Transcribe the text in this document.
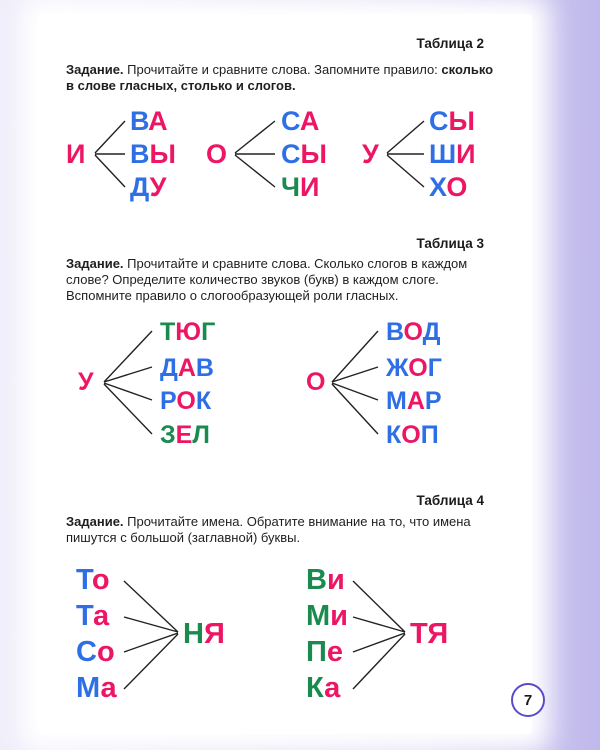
Таблица 2
Задание. Прочитайте и сравните слова. Запомните правило: сколько в слове гласных, столько и слогов.
И
ВА
ВЫ
ДУ
О
СА
СЫ
ЧИ
У
СЫ
ШИ
ХО
Таблица 3
Задание. Прочитайте и сравните слова. Сколько слогов в каждом слове? Определите количество звуков (букв) в каждом слоге. Вспомните правило о слогообразующей роли гласных.
У
ТЮГ
ДАВ
РОК
ЗЕЛ
О
ВОД
ЖОГ
МАР
КОП
Таблица 4
Задание. Прочитайте имена. Обратите внимание на то, что имена пишутся с большой (заглавной) буквы.
То
Та
Со
Ма
НЯ
Ви
Ми
Пе
Ка
ТЯ
7
